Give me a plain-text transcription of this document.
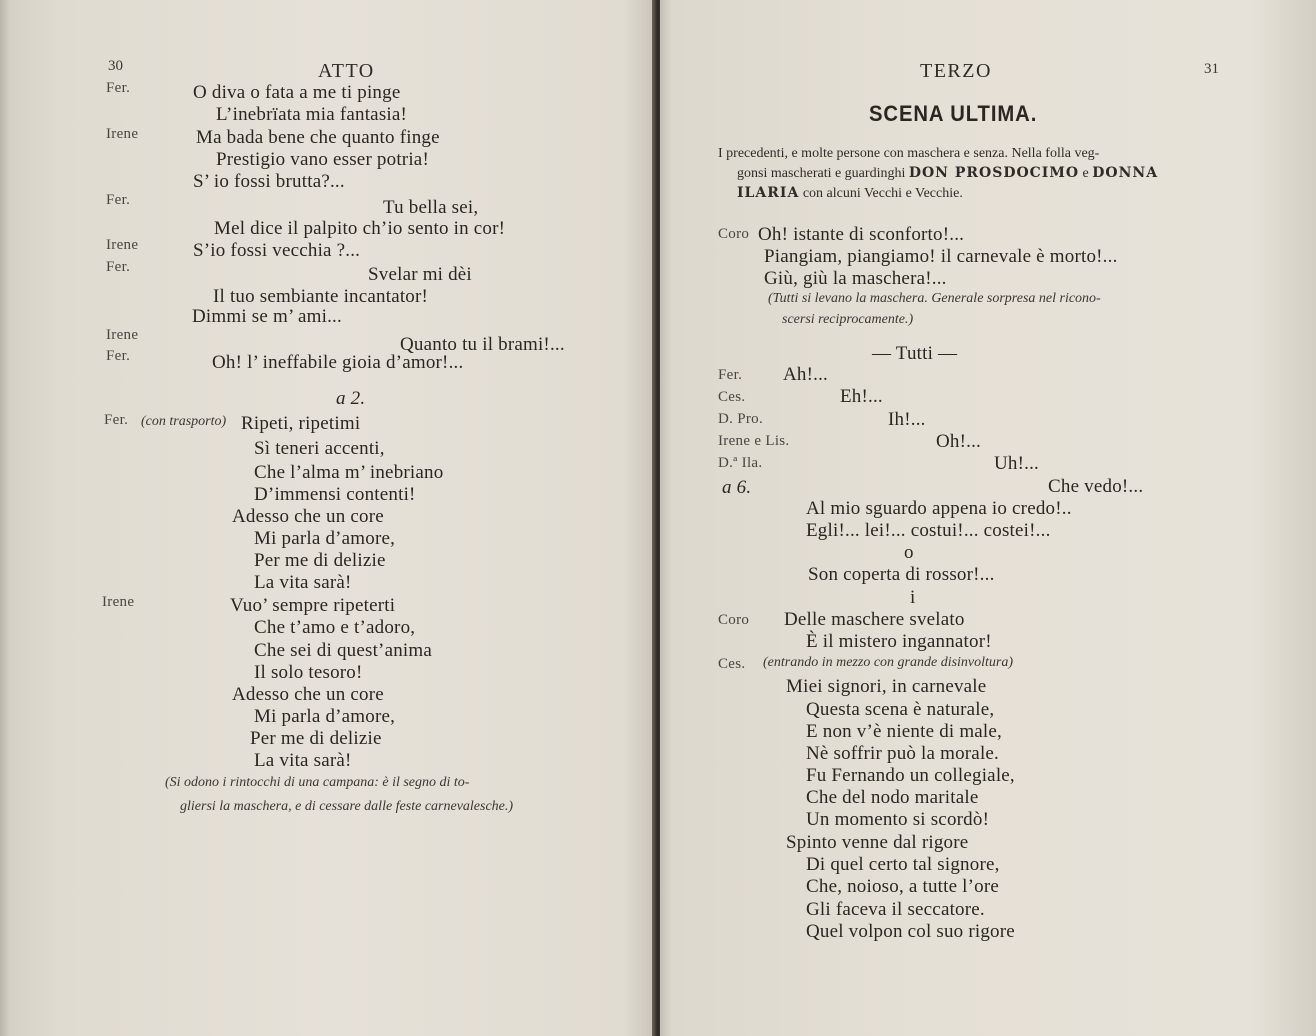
30	ATTO
Fer.	O diva o fata a me ti pinge
L’inebrïata mia fantasia!
Irene	Ma bada bene che quanto finge
Prestigio vano esser potria!
S’ io fossi brutta?...
Fer.	Tu bella sei,
Mel dice il palpito ch’io sento in cor!
Irene	S’io fossi vecchia ?...
Fer.	Svelar mi dèi
Il tuo sembiante incantator!
Dimmi se m’ ami...
Irene	Quanto tu il brami!...
Fer.	Oh! l’ ineffabile gioia d’amor!...
a 2.
Fer. (con trasporto) Ripeti, ripetimi
Sì teneri accenti,
Che l’alma m’ inebriano
D’immensi contenti!
Adesso che un core
Mi parla d’amore,
Per me di delizie
La vita sarà!
Irene	Vuo’ sempre ripeterti
Che t’amo e t’adoro,
Che sei di quest’anima
Il solo tesoro!
Adesso che un core
Mi parla d’amore,
Per me di delizie
La vita sarà!
(Si odono i rintocchi di una campana: è il segno di to-
gliersi la maschera, e di cessare dalle feste carnevalesche.)
TERZO	31
SCENA ULTIMA.
I precedenti, e molte persone con maschera e senza. Nella folla veg-
gonsi mascherati e guardinghi DON PROSDOCIMO e DONNA
ILARIA con alcuni Vecchi e Vecchie.
Coro Oh! istante di sconforto!...
Piangiam, piangiamo! il carnevale è morto!...
Giù, giù la maschera!...
(Tutti si levano la maschera. Generale sorpresa nel ricono-
scersi reciprocamente.)
— Tutti —
Fer. Ah!...
Ces.	Eh!...
D. Pro.	Ih!...
Irene e Lis.	Oh!...
D.ª Ila.	Uh!...
a 6.	Che vedo!...
Al mio sguardo appena io credo!..
Egli!... lei!... costui!... costei!...
o
Son coperta di rossor!...
i
Coro Delle maschere svelato
È il mistero ingannator!
Ces. (entrando in mezzo con grande disinvoltura)
Miei signori, in carnevale
Questa scena è naturale,
E non v’è niente di male,
Nè soffrir può la morale.
Fu Fernando un collegiale,
Che del nodo maritale
Un momento si scordò!
Spinto venne dal rigore
Di quel certo tal signore,
Che, noioso, a tutte l’ore
Gli faceva il seccatore.
Quel volpon col suo rigore
